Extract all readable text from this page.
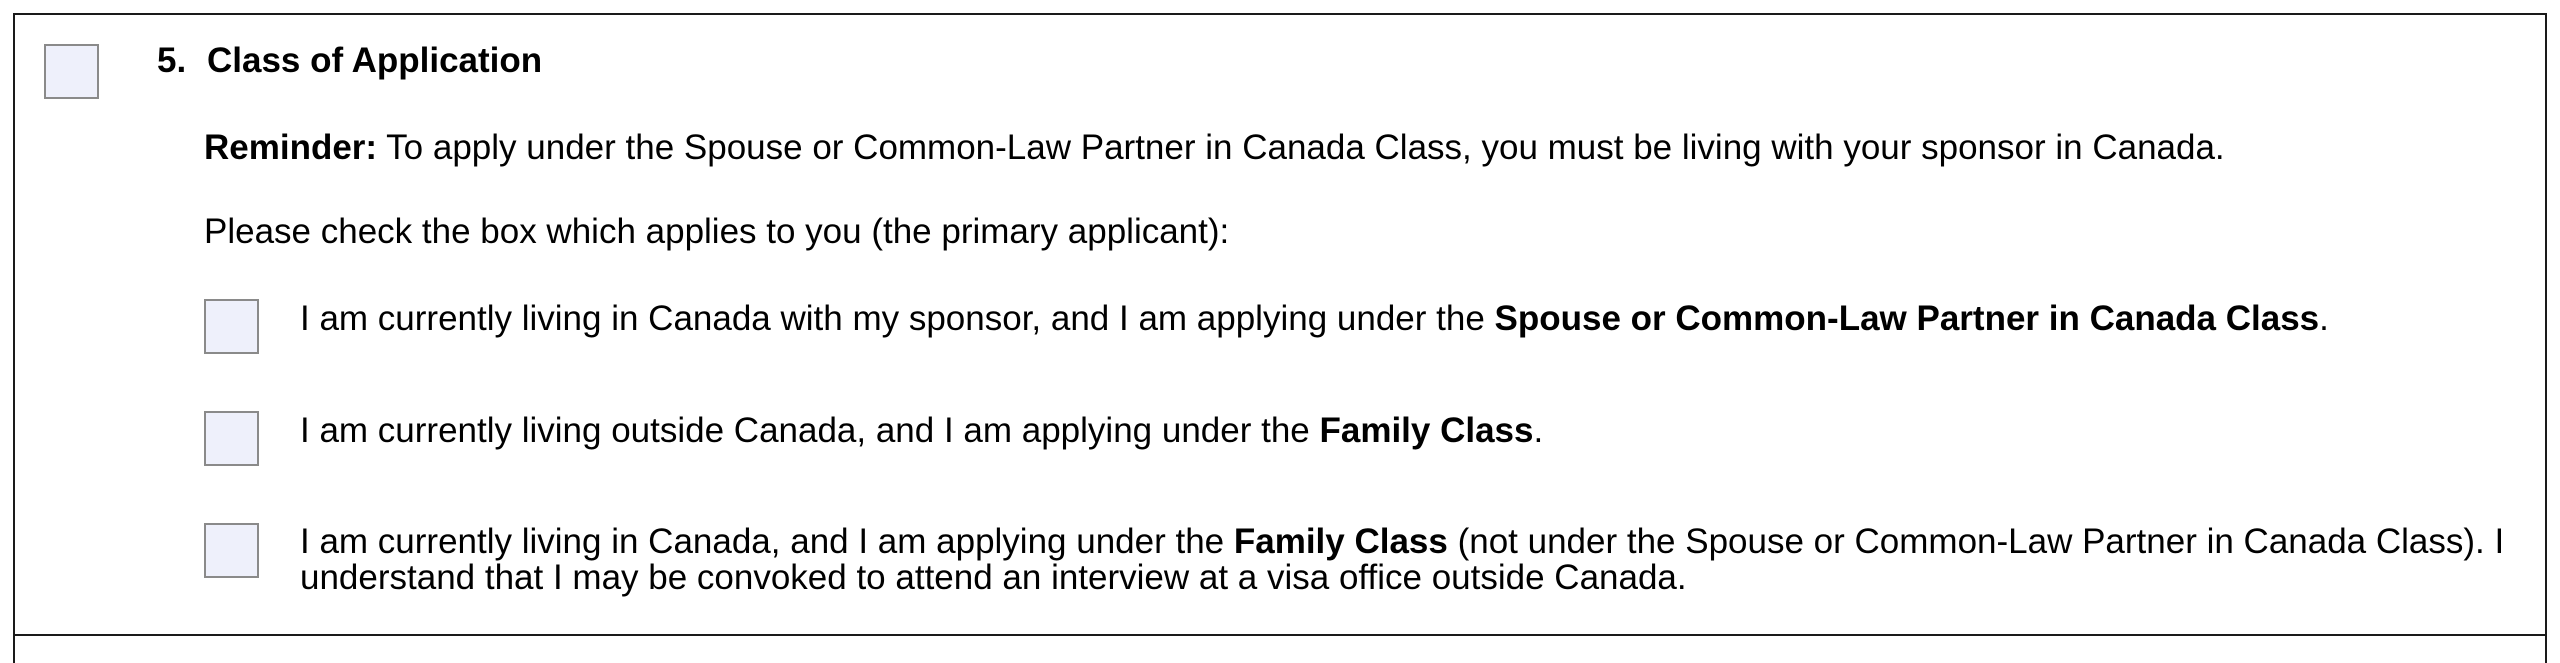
5. Class of Application
Reminder: To apply under the Spouse or Common-Law Partner in Canada Class, you must be living with your sponsor in Canada.
Please check the box which applies to you (the primary applicant):
I am currently living in Canada with my sponsor, and I am applying under the Spouse or Common-Law Partner in Canada Class.
I am currently living outside Canada, and I am applying under the Family Class.
I am currently living in Canada, and I am applying under the Family Class (not under the Spouse or Common-Law Partner in Canada Class). I understand that I may be convoked to attend an interview at a visa office outside Canada.
